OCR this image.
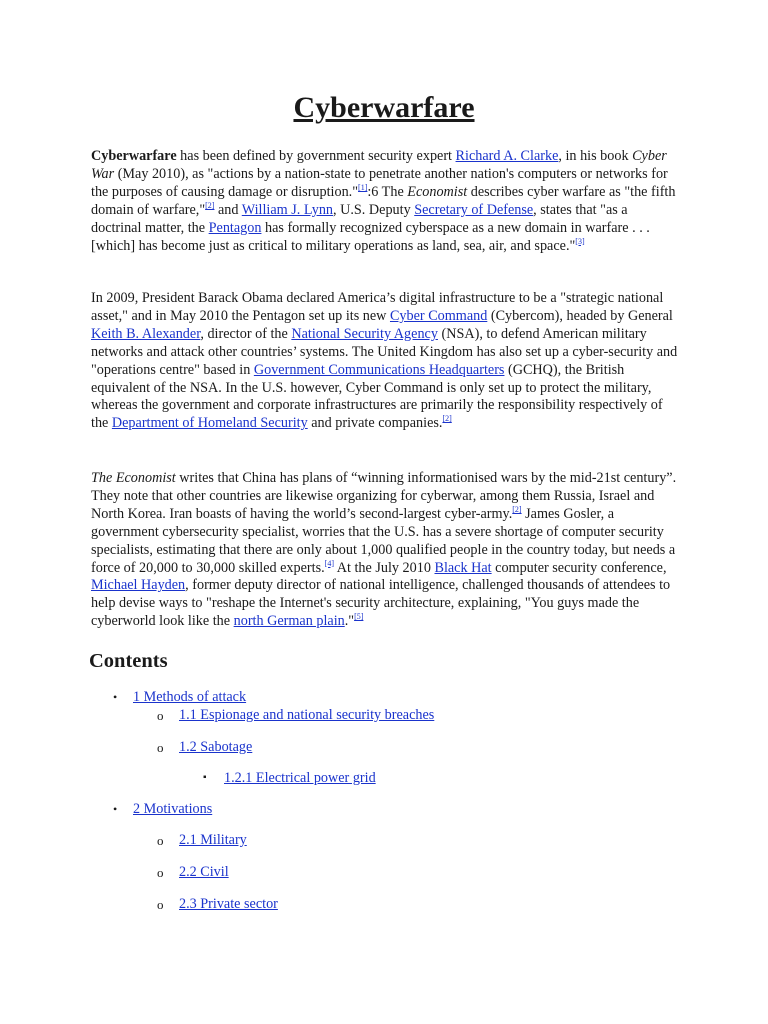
Cyberwarfare

Cyberwarfare has been defined by government security expert Richard A. Clarke, in his book Cyber War (May 2010), as "actions by a nation-state to penetrate another nation's computers or networks for the purposes of causing damage or disruption."[1]:6 The Economist describes cyber warfare as "the fifth domain of warfare,"[2] and William J. Lynn, U.S. Deputy Secretary of Defense, states that "as a doctrinal matter, the Pentagon has formally recognized cyberspace as a new domain in warfare . . . [which] has become just as critical to military operations as land, sea, air, and space."[3]

In 2009, President Barack Obama declared America’s digital infrastructure to be a "strategic national asset," and in May 2010 the Pentagon set up its new Cyber Command (Cybercom), headed by General Keith B. Alexander, director of the National Security Agency (NSA), to defend American military networks and attack other countries’ systems. The United Kingdom has also set up a cyber-security and "operations centre" based in Government Communications Headquarters (GCHQ), the British equivalent of the NSA. In the U.S. however, Cyber Command is only set up to protect the military, whereas the government and corporate infrastructures are primarily the responsibility respectively of the Department of Homeland Security and private companies.[2]

The Economist writes that China has plans of “winning informationised wars by the mid-21st century”. They note that other countries are likewise organizing for cyberwar, among them Russia, Israel and North Korea. Iran boasts of having the world’s second-largest cyber-army.[2] James Gosler, a government cybersecurity specialist, worries that the U.S. has a severe shortage of computer security specialists, estimating that there are only about 1,000 qualified people in the country today, but needs a force of 20,000 to 30,000 skilled experts.[4] At the July 2010 Black Hat computer security conference, Michael Hayden, former deputy director of national intelligence, challenged thousands of attendees to help devise ways to "reshape the Internet's security architecture, explaining, "You guys made the cyberworld look like the north German plain."[5]

Contents
• 1 Methods of attack
o 1.1 Espionage and national security breaches
o 1.2 Sabotage
▪ 1.2.1 Electrical power grid
• 2 Motivations
o 2.1 Military
o 2.2 Civil
o 2.3 Private sector
